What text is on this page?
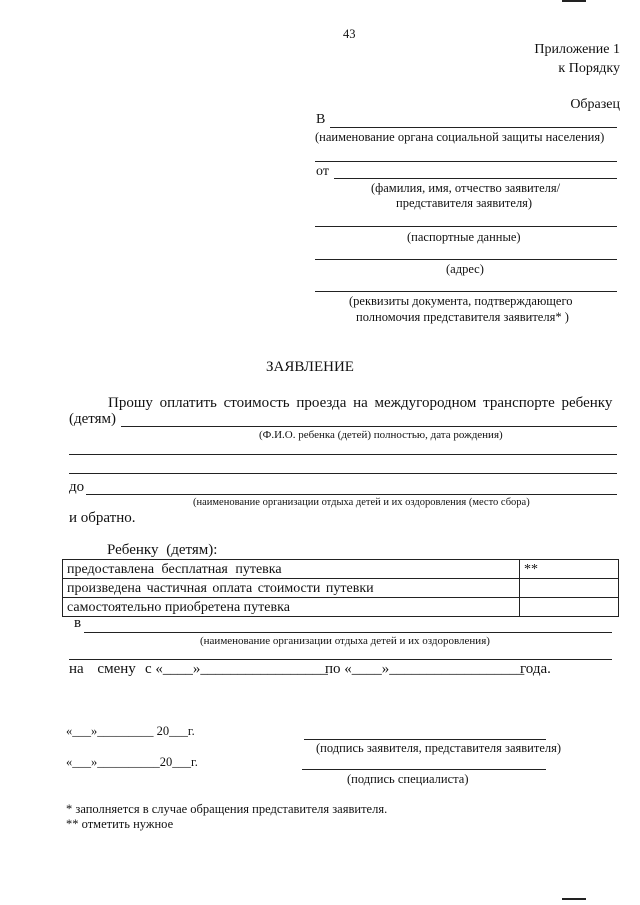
43
Приложение 1
к Порядку
Образец
В
(наименование органа социальной защиты населения)
от
(фамилия, имя, отчество заявителя/
представителя заявителя)
(паспортные данные)
(адрес)
(реквизиты документа, подтверждающего
полномочия представителя заявителя* )
ЗАЯВЛЕНИЕ
Прошу оплатить стоимость проезда на междугородном транспорте ребенку
(детям)
(Ф.И.О. ребенка (детей) полностью, дата рождения)
до
(наименование организации отдыха детей и их оздоровления (место сбора)
и обратно.
Ребенку (детям):
предоставлена бесплатная путевка	**
произведена частичная оплата стоимости путевки	
самостоятельно приобретена путевка	
в
(наименование организации отдыха детей и их оздоровления)
на смену с «____»_________________
по «____»__________________
года.
«___»_________ 20___г.
(подпись заявителя, представителя заявителя)
«___»__________20___г.
(подпись специалиста)
* заполняется в случае обращения представителя заявителя.
** отметить нужное
